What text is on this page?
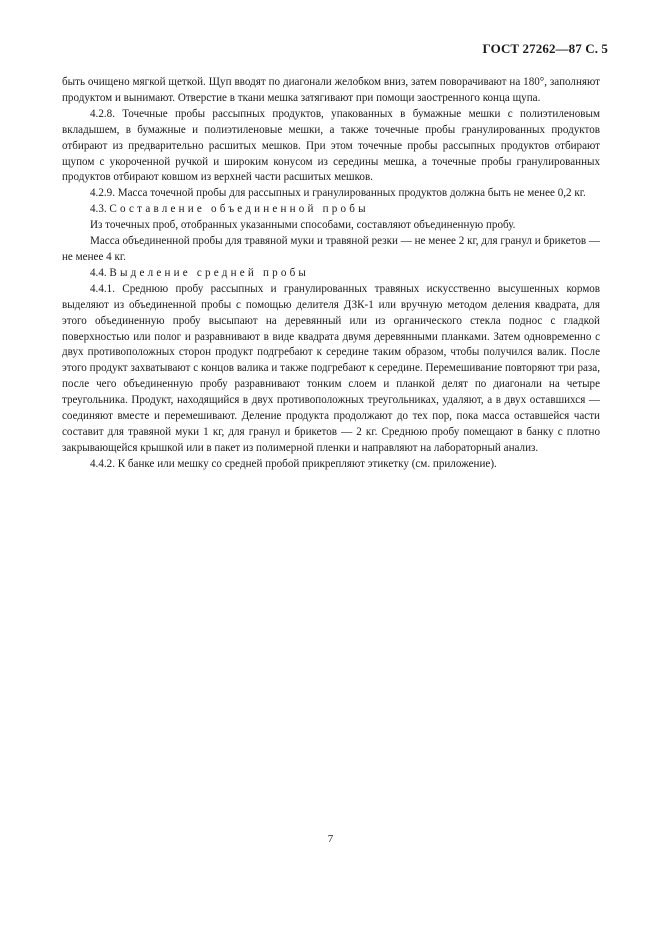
ГОСТ 27262—87 С. 5

быть очищено мягкой щеткой. Щуп вводят по диагонали желобком вниз, затем поворачивают на 180°, заполняют продуктом и вынимают. Отверстие в ткани мешка затягивают при помощи заостренного конца щупа.

4.2.8. Точечные пробы рассыпных продуктов, упакованных в бумажные мешки с полиэтиленовым вкладышем, в бумажные и полиэтиленовые мешки, а также точечные пробы гранулированных продуктов отбирают из предварительно расшитых мешков. При этом точечные пробы рассыпных продуктов отбирают щупом с укороченной ручкой и широким конусом из середины мешка, а точечные пробы гранулированных продуктов отбирают ковшом из верхней части расшитых мешков.

4.2.9. Масса точечной пробы для рассыпных и гранулированных продуктов должна быть не менее 0,2 кг.

4.3. Составление объединенной пробы

Из точечных проб, отобранных указанными способами, составляют объединенную пробу.

Масса объединенной пробы для травяной муки и травяной резки — не менее 2 кг, для гранул и брикетов — не менее 4 кг.

4.4. Выделение средней пробы

4.4.1. Среднюю пробу рассыпных и гранулированных травяных искусственно высушенных кормов выделяют из объединенной пробы с помощью делителя ДЗК-1 или вручную методом деления квадрата, для этого объединенную пробу высыпают на деревянный или из органического стекла поднос с гладкой поверхностью или полог и разравнивают в виде квадрата двумя деревянными планками. Затем одновременно с двух противоположных сторон продукт подгребают к середине таким образом, чтобы получился валик. После этого продукт захватывают с концов валика и также подгребают к середине. Перемешивание повторяют три раза, после чего объединенную пробу разравнивают тонким слоем и планкой делят по диагонали на четыре треугольника. Продукт, находящийся в двух противоположных треугольниках, удаляют, а в двух оставшихся — соединяют вместе и перемешивают. Деление продукта продолжают до тех пор, пока масса оставшейся части составит для травяной муки 1 кг, для гранул и брикетов — 2 кг. Среднюю пробу помещают в банку с плотно закрывающейся крышкой или в пакет из полимерной пленки и направляют на лабораторный анализ.

4.4.2. К банке или мешку со средней пробой прикрепляют этикетку (см. приложение).

7
